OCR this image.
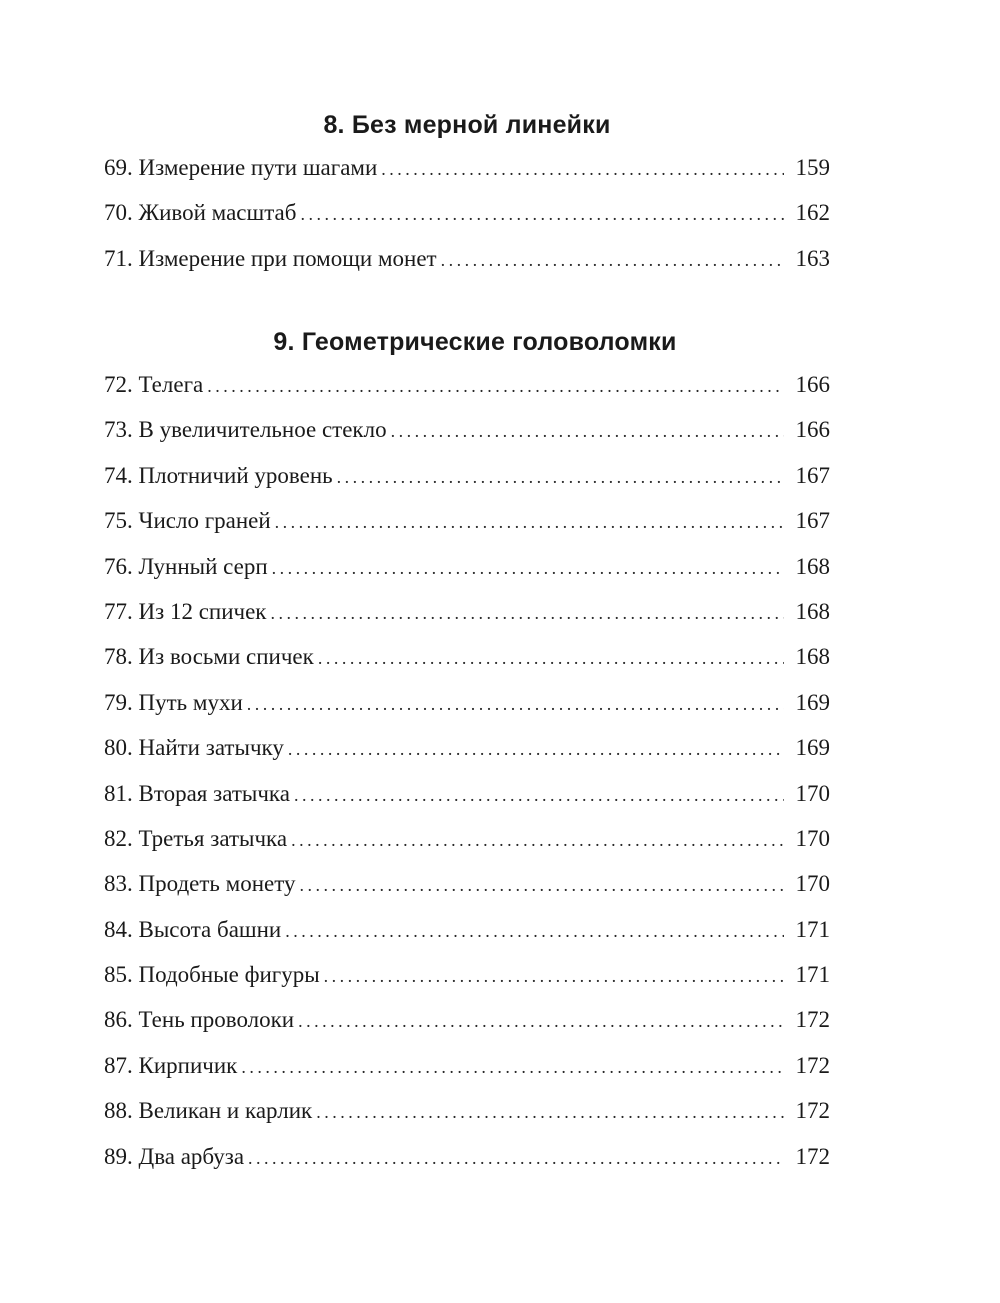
8. Без мерной линейки
69. Измерение пути шагами . . .	159
70. Живой масштаб . . .	162
71. Измерение при помощи монет . . .	163
9. Геометрические головоломки
72. Телега . . .	166
73. В увеличительное стекло . . .	166
74. Плотничий уровень . . .	167
75. Число граней . . .	167
76. Лунный серп . . .	168
77. Из 12 спичек . . .	168
78. Из восьми спичек . . .	168
79. Путь мухи . . .	169
80. Найти затычку . . .	169
81. Вторая затычка . . .	170
82. Третья затычка . . .	170
83. Продеть монету . . .	170
84. Высота башни . . .	171
85. Подобные фигуры . . .	171
86. Тень проволоки . . .	172
87. Кирпичик . . .	172
88. Великан и карлик . . .	172
89. Два арбуза . . .	172
